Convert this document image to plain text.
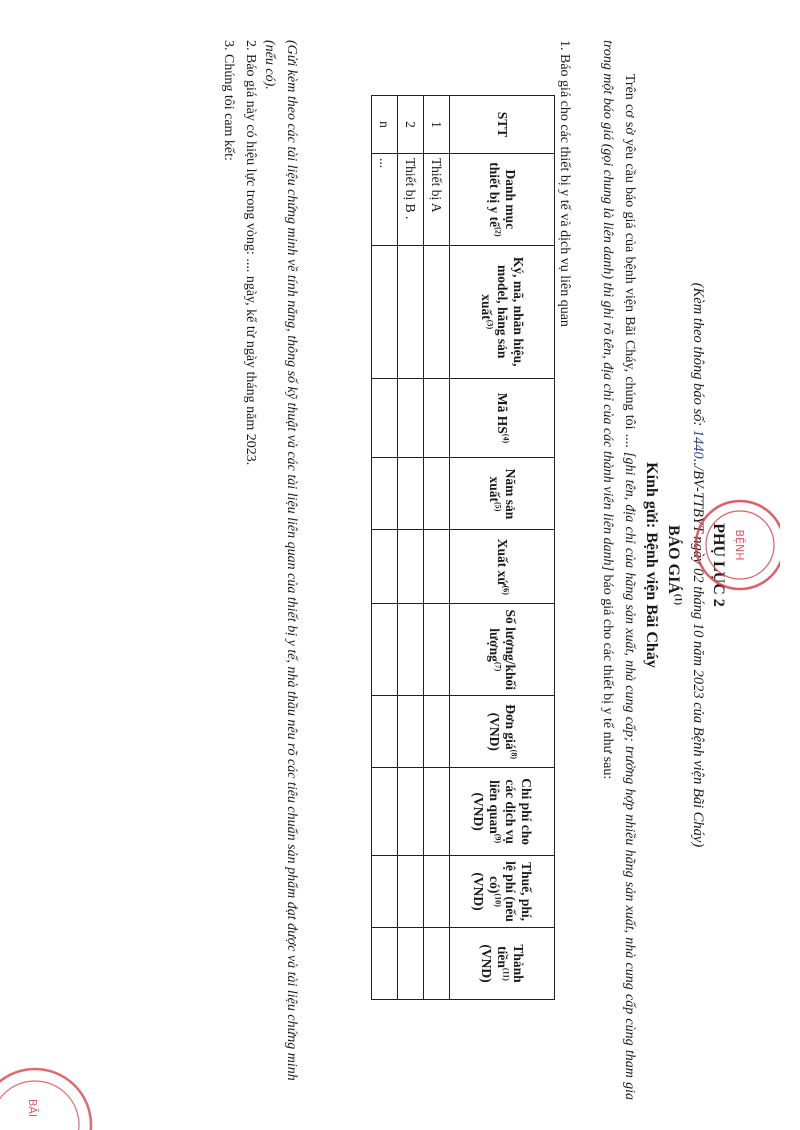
PHỤ LỤC 2
(Kèm theo thông báo số: 1440../BV-TTBYT ngày 02 tháng 10 năm 2023 của Bệnh viện Bãi Cháy)
BÁO GIÁ$^{(1)}$
Kính gửi: Bệnh viện Bãi Cháy
Trên cơ sở yêu cầu báo giá của bệnh viện Bãi Cháy, chúng tôi .... [ghi tên, địa chỉ của hãng sản xuất, nhà cung cấp; trường hợp nhiều hãng sản xuất, nhà cung cấp cùng tham gia trong một báo giá (gọi chung là liên danh) thì ghi rõ tên, địa chỉ của các thành viên liên danh] báo giá cho các thiết bị y tế như sau:
1. Báo giá cho các thiết bị y tế và dịch vụ liên quan
STT	Danh mục thiết bị y tế$^{(2)}$	Ký, mã, nhãn hiệu, model, hãng sản xuất$^{(3)}$	Mã HS$^{(4)}$	Năm sản xuất$^{(5)}$	Xuất xứ$^{(6)}$	Số lượng/khối lượng$^{(7)}$	Đơn giá$^{(8)}$ (VND)	Chi phí cho các dịch vụ liên quan$^{(9)}$ (VND)	Thuế, phí, lệ phí (nếu có)$^{(10)}$ (VND)	Thành tiền$^{(11)}$ (VND)
1	Thiết bị A									
2	Thiết bị B .									
n	...									
(Gửi kèm theo các tài liệu chứng minh về tính năng, thông số kỹ thuật và các tài liệu liên quan của thiết bị y tế, nhà thầu nêu rõ các tiêu chuẩn sản phẩm đạt được và tài liệu chứng minh (nếu có).
2. Báo giá này có hiệu lực trong vòng: .... ngày, kể từ ngày tháng năm 2023.
3. Chúng tôi cam kết:
BỆNH
BÃI
